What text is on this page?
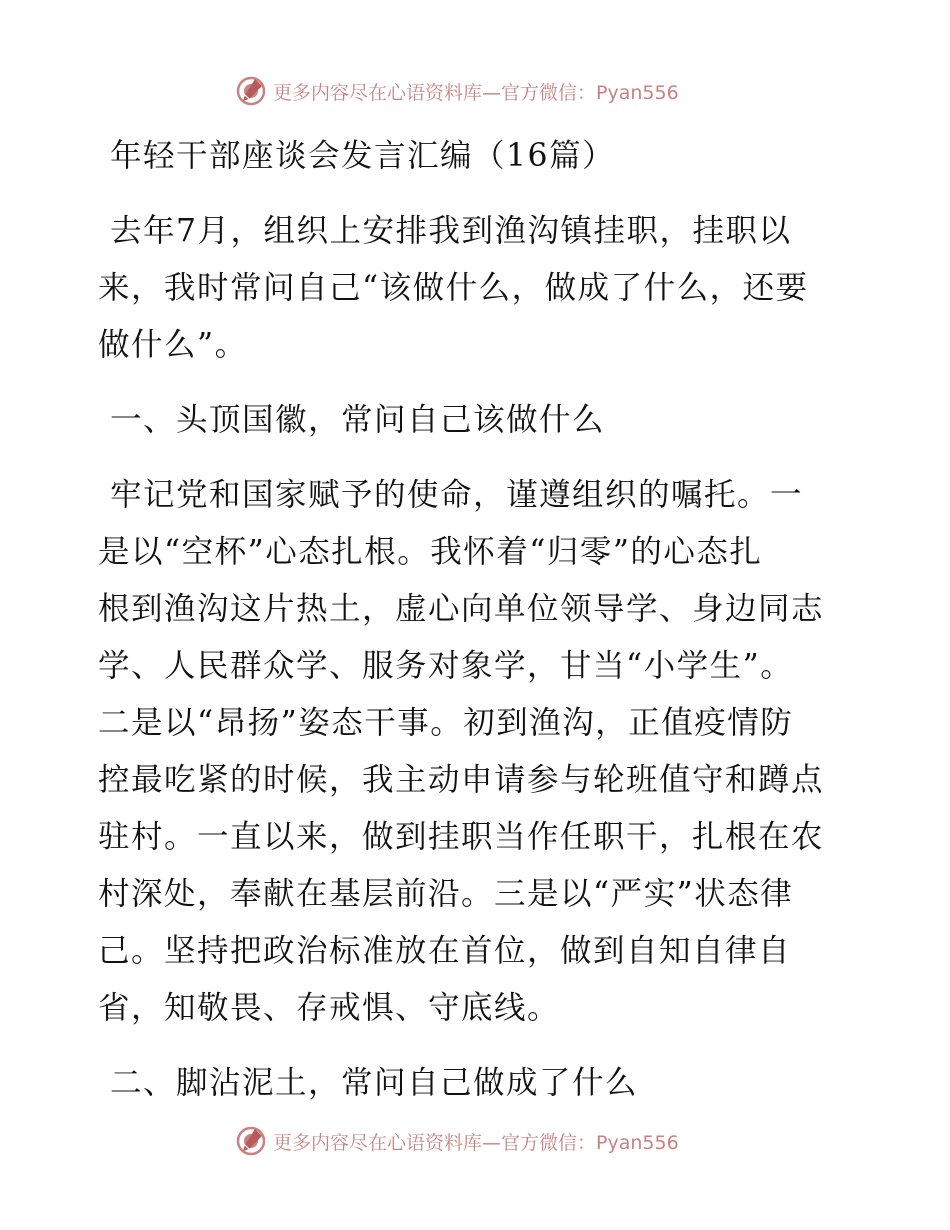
更多内容尽在心语资料库—官方微信：Pyan556
年轻干部座谈会发言汇编（16篇）
去年7月，组织上安排我到渔沟镇挂职，挂职以
来，我时常问自己“该做什么，做成了什么，还要
做什么”。
一、头顶国徽，常问自己该做什么
牢记党和国家赋予的使命，谨遵组织的嘱托。一
是以“空杯”心态扎根。我怀着“归零”的心态扎
根到渔沟这片热土，虚心向单位领导学、身边同志
学、人民群众学、服务对象学，甘当“小学生”。
二是以“昂扬”姿态干事。初到渔沟，正值疫情防
控最吃紧的时候，我主动申请参与轮班值守和蹲点
驻村。一直以来，做到挂职当作任职干，扎根在农
村深处，奉献在基层前沿。三是以“严实”状态律
己。坚持把政治标准放在首位，做到自知自律自
省，知敬畏、存戒惧、守底线。
二、脚沾泥土，常问自己做成了什么
更多内容尽在心语资料库—官方微信：Pyan556
